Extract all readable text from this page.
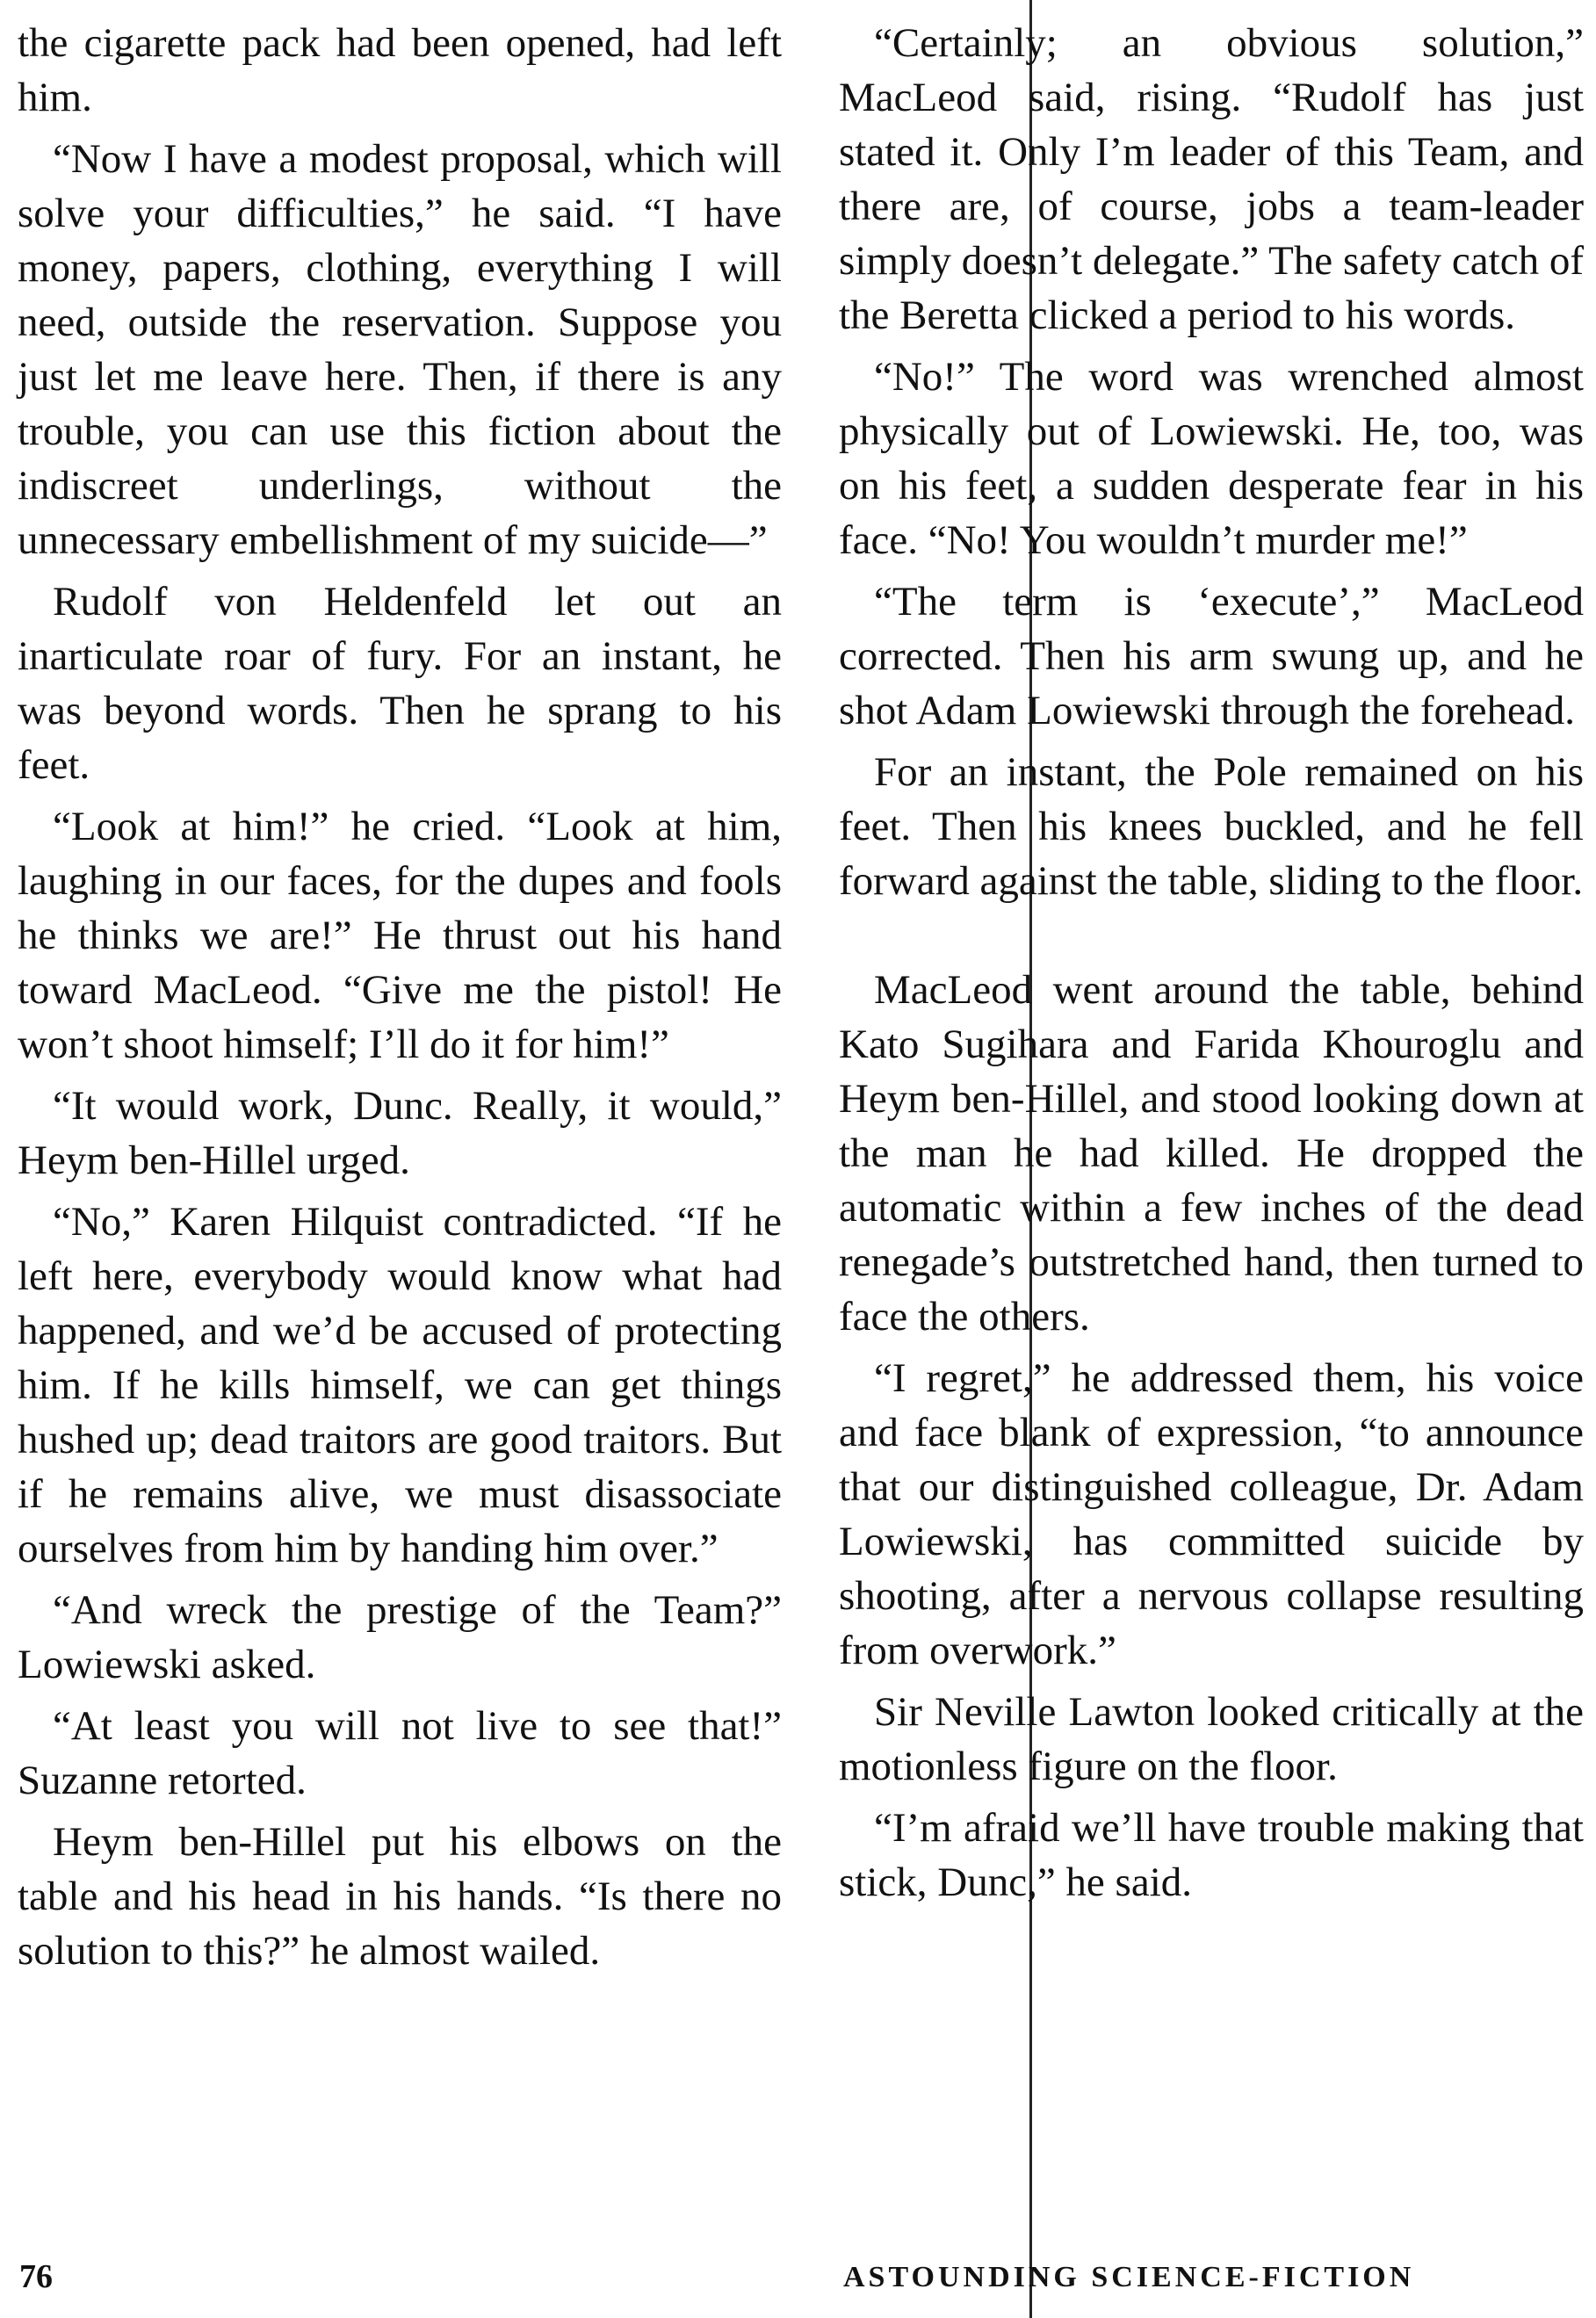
the cigarette pack had been opened, had left him.

“Now I have a modest proposal, which will solve your difficulties,” he said. “I have money, papers, clothing, everything I will need, outside the reservation. Suppose you just let me leave here. Then, if there is any trouble, you can use this fiction about the indiscreet underlings, without the unnecessary embellishment of my suicide—”

Rudolf von Heldenfeld let out an inarticulate roar of fury. For an instant, he was beyond words. Then he sprang to his feet.

“Look at him!” he cried. “Look at him, laughing in our faces, for the dupes and fools he thinks we are!” He thrust out his hand toward MacLeod. “Give me the pistol! He won’t shoot himself; I’ll do it for him!”

“It would work, Dunc. Really, it would,” Heym ben-Hillel urged.

“No,” Karen Hilquist contradicted. “If he left here, everybody would know what had happened, and we’d be accused of protecting him. If he kills himself, we can get things hushed up; dead traitors are good traitors. But if he remains alive, we must disassociate ourselves from him by handing him over.”

“And wreck the prestige of the Team?” Lowiewski asked.

“At least you will not live to see that!” Suzanne retorted.

Heym ben-Hillel put his elbows on the table and his head in his hands. “Is there no solution to this?” he almost wailed.

“Certainly; an obvious solution,” MacLeod said, rising. “Rudolf has just stated it. Only I’m leader of this Team, and there are, of course, jobs a team-leader simply doesn’t delegate.” The safety catch of the Beretta clicked a period to his words.

“No!” The word was wrenched almost physically out of Lowiewski. He, too, was on his feet, a sudden desperate fear in his face. “No! You wouldn’t murder me!”

“The term is ‘execute’,” MacLeod corrected. Then his arm swung up, and he shot Adam Lowiewski through the forehead.

For an instant, the Pole remained on his feet. Then his knees buckled, and he fell forward against the table, sliding to the floor.

MacLeod went around the table, behind Kato Sugihara and Farida Khouroglu and Heym ben-Hillel, and stood looking down at the man he had killed. He dropped the automatic within a few inches of the dead renegade’s outstretched hand, then turned to face the others.

“I regret,” he addressed them, his voice and face blank of expression, “to announce that our distinguished colleague, Dr. Adam Lowiewski, has committed suicide by shooting, after a nervous collapse resulting from overwork.”

Sir Neville Lawton looked critically at the motionless figure on the floor.

“I’m afraid we’ll have trouble making that stick, Dunc,” he said.

76	ASTOUNDING SCIENCE-FICTION
